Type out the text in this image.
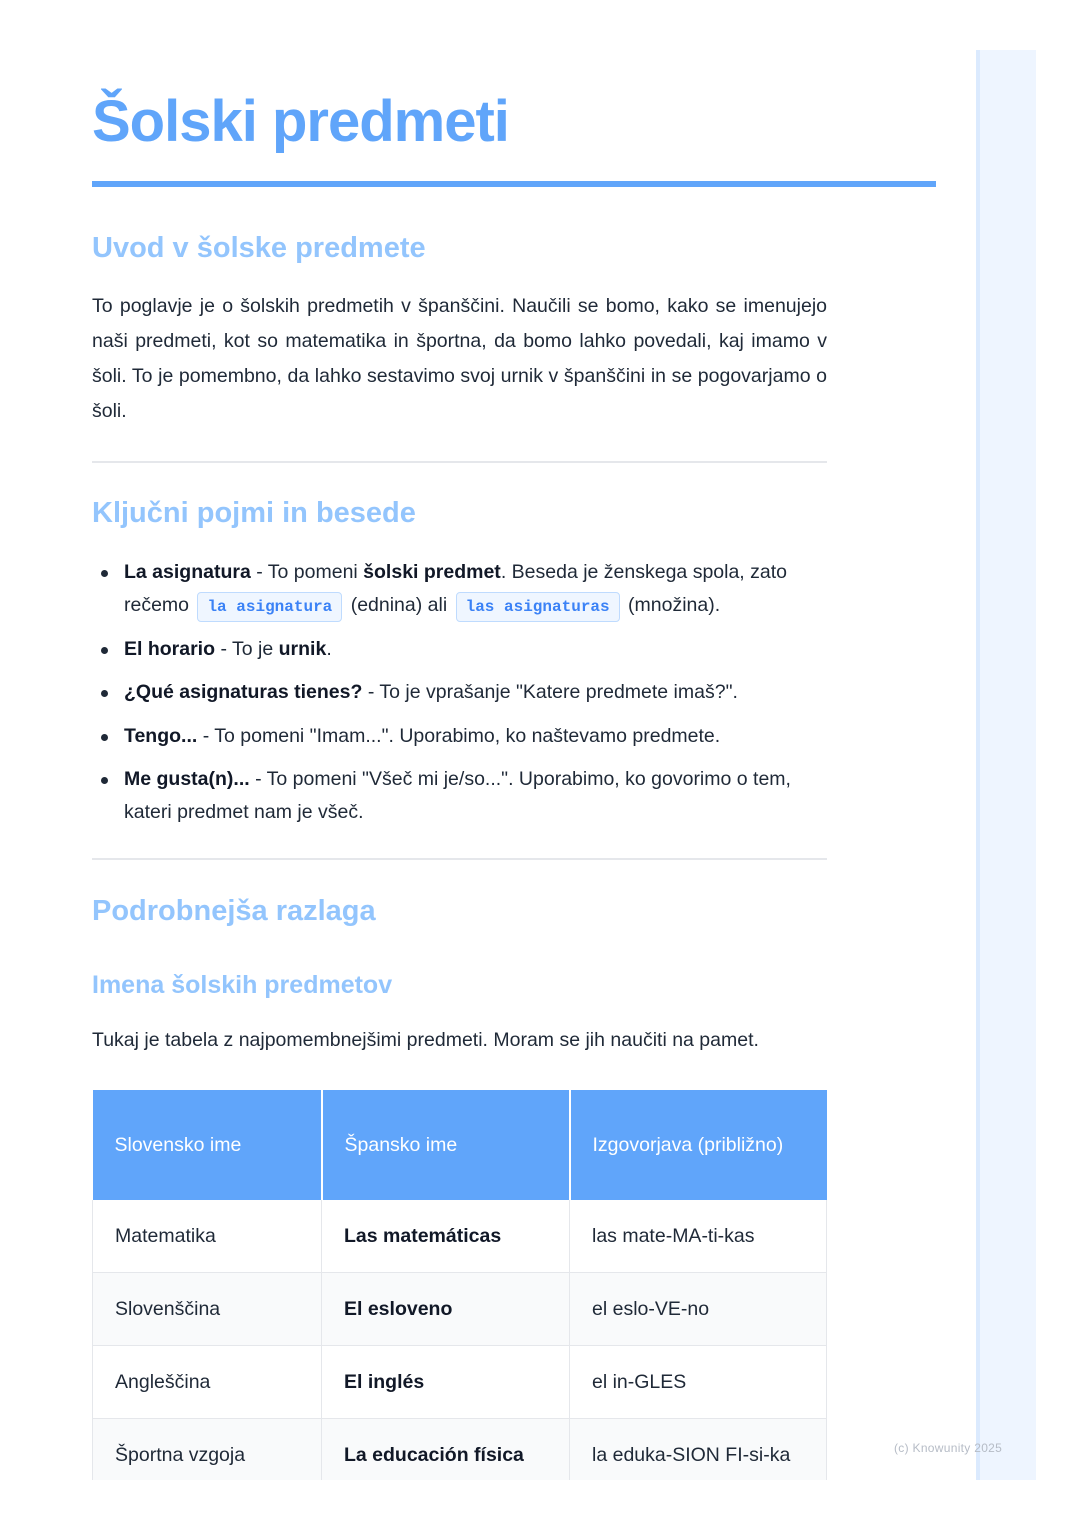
Šolski predmeti
Uvod v šolske predmete

To poglavje je o šolskih predmetih v španščini. Naučili se bomo, kako se imenujejo naši predmeti, kot so matematika in športna, da bomo lahko povedali, kaj imamo v šoli. To je pomembno, da lahko sestavimo svoj urnik v španščini in se pogovarjamo o šoli.

Ključni pojmi in besede
La asignatura - To pomeni šolski predmet. Beseda je ženskega spola, zato rečemo la asignatura (ednina) ali las asignaturas (množina).
El horario - To je urnik.
¿Qué asignaturas tienes? - To je vprašanje "Katere predmete imaš?".
Tengo... - To pomeni "Imam...". Uporabimo, ko naštevamo predmete.
Me gusta(n)... - To pomeni "Všeč mi je/so...". Uporabimo, ko govorimo o tem, kateri predmet nam je všeč.
Podrobnejša razlaga
Imena šolskih predmetov

Tukaj je tabela z najpomembnejšimi predmeti. Moram se jih naučiti na pamet.

Slovensko ime	Špansko ime	Izgovorjava (približno)
Matematika	Las matemáticas	las mate-MA-ti-kas
Slovenščina	El esloveno	el eslo-VE-no
Angleščina	El inglés	el in-GLES
Športna vzgoja	La educación física	la eduka-SION FI-si-ka	(c) Knowunity 2025
